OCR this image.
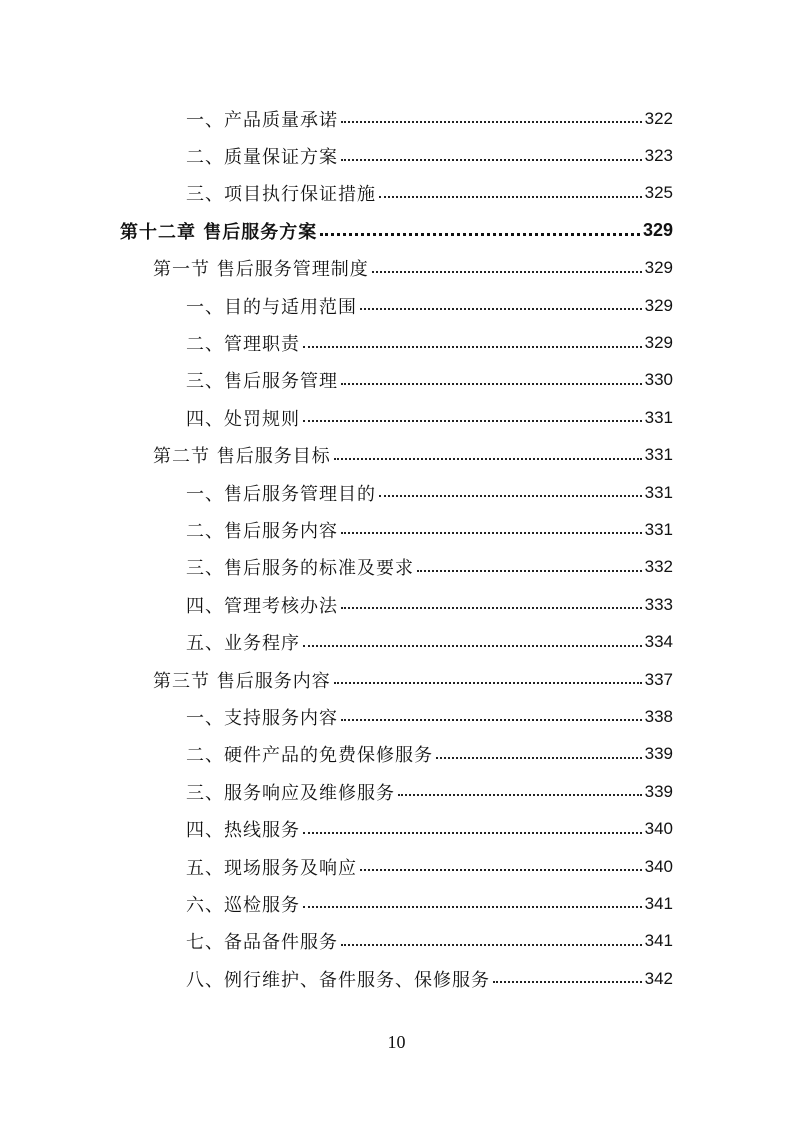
一、产品质量承诺	322
二、质量保证方案	323
三、项目执行保证措施	325
第十二章 售后服务方案	329
第一节 售后服务管理制度	329
一、目的与适用范围	329
二、管理职责	329
三、售后服务管理	330
四、处罚规则	331
第二节 售后服务目标	331
一、售后服务管理目的	331
二、售后服务内容	331
三、售后服务的标准及要求	332
四、管理考核办法	333
五、业务程序	334
第三节 售后服务内容	337
一、支持服务内容	338
二、硬件产品的免费保修服务	339
三、服务响应及维修服务	339
四、热线服务	340
五、现场服务及响应	340
六、巡检服务	341
七、备品备件服务	341
八、例行维护、备件服务、保修服务	342
10
